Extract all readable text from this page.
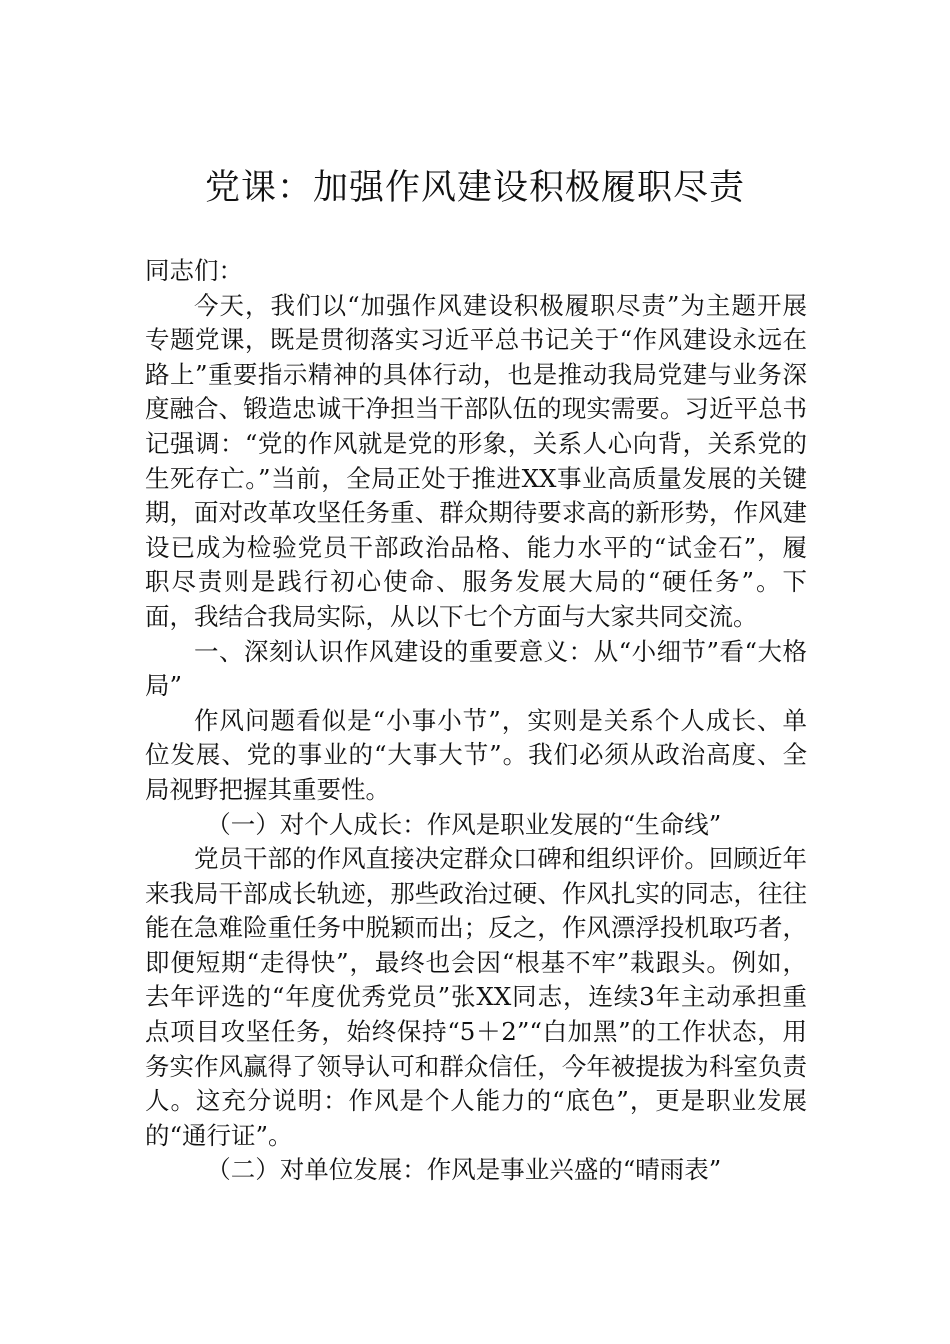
党课：加强作风建设积极履职尽责

同志们：

今天，我们以“加强作风建设积极履职尽责”为主题开展专题党课，既是贯彻落实习近平总书记关于“作风建设永远在路上”重要指示精神的具体行动，也是推动我局党建与业务深度融合、锻造忠诚干净担当干部队伍的现实需要。习近平总书记强调：“党的作风就是党的形象，关系人心向背，关系党的生死存亡。”当前，全局正处于推进XX事业高质量发展的关键期，面对改革攻坚任务重、群众期待要求高的新形势，作风建设已成为检验党员干部政治品格、能力水平的“试金石”，履职尽责则是践行初心使命、服务发展大局的“硬任务”。下面，我结合我局实际，从以下七个方面与大家共同交流。

一、深刻认识作风建设的重要意义：从“小细节”看“大格局”

作风问题看似是“小事小节”，实则是关系个人成长、单位发展、党的事业的“大事大节”。我们必须从政治高度、全局视野把握其重要性。

（一）对个人成长：作风是职业发展的“生命线”

党员干部的作风直接决定群众口碑和组织评价。回顾近年来我局干部成长轨迹，那些政治过硬、作风扎实的同志，往往能在急难险重任务中脱颖而出；反之，作风漂浮投机取巧者，即便短期“走得快”，最终也会因“根基不牢”栽跟头。例如，去年评选的“年度优秀党员”张XX同志，连续3年主动承担重点项目攻坚任务，始终保持“5＋2”“白加黑”的工作状态，用务实作风赢得了领导认可和群众信任，今年被提拔为科室负责人。这充分说明：作风是个人能力的“底色”，更是职业发展的“通行证”。

（二）对单位发展：作风是事业兴盛的“晴雨表”
